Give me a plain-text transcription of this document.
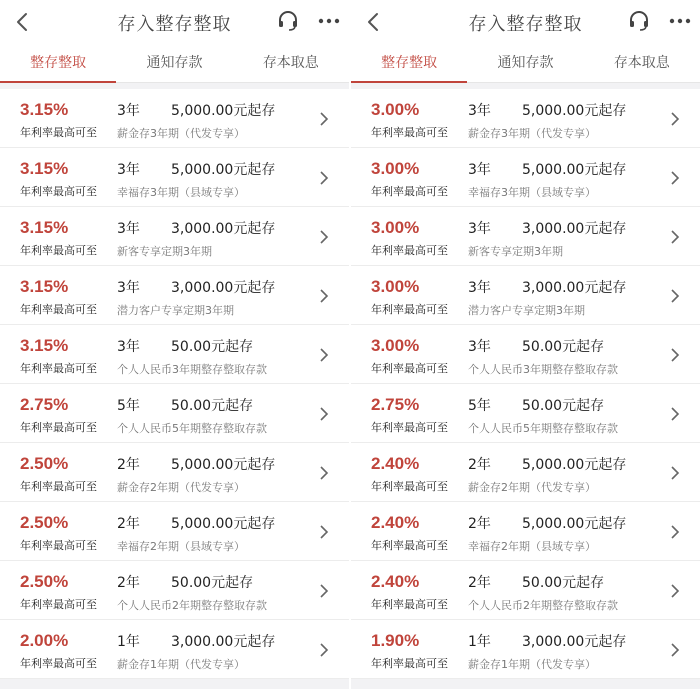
存入整存整取
整存整取	通知存款	存本取息
3.15%
年利率最高可至
3年 5,000.00元起存
薪金存3年期（代发专享）
3.15%
年利率最高可至
3年 5,000.00元起存
幸福存3年期（县域专享）
3.15%
年利率最高可至
3年 3,000.00元起存
新客专享定期3年期
3.15%
年利率最高可至
3年 3,000.00元起存
潜力客户专享定期3年期
3.15%
年利率最高可至
3年 50.00元起存
个人人民币3年期整存整取存款
2.75%
年利率最高可至
5年 50.00元起存
个人人民币5年期整存整取存款
2.50%
年利率最高可至
2年 5,000.00元起存
薪金存2年期（代发专享）
2.50%
年利率最高可至
2年 5,000.00元起存
幸福存2年期（县域专享）
2.50%
年利率最高可至
2年 50.00元起存
个人人民币2年期整存整取存款
2.00%
年利率最高可至
1年 3,000.00元起存
薪金存1年期（代发专享）
存入整存整取
整存整取	通知存款	存本取息
3.00%
年利率最高可至
3年 5,000.00元起存
薪金存3年期（代发专享）
3.00%
年利率最高可至
3年 5,000.00元起存
幸福存3年期（县域专享）
3.00%
年利率最高可至
3年 3,000.00元起存
新客专享定期3年期
3.00%
年利率最高可至
3年 3,000.00元起存
潜力客户专享定期3年期
3.00%
年利率最高可至
3年 50.00元起存
个人人民币3年期整存整取存款
2.75%
年利率最高可至
5年 50.00元起存
个人人民币5年期整存整取存款
2.40%
年利率最高可至
2年 5,000.00元起存
薪金存2年期（代发专享）
2.40%
年利率最高可至
2年 5,000.00元起存
幸福存2年期（县域专享）
2.40%
年利率最高可至
2年 50.00元起存
个人人民币2年期整存整取存款
1.90%
年利率最高可至
1年 3,000.00元起存
薪金存1年期（代发专享）
